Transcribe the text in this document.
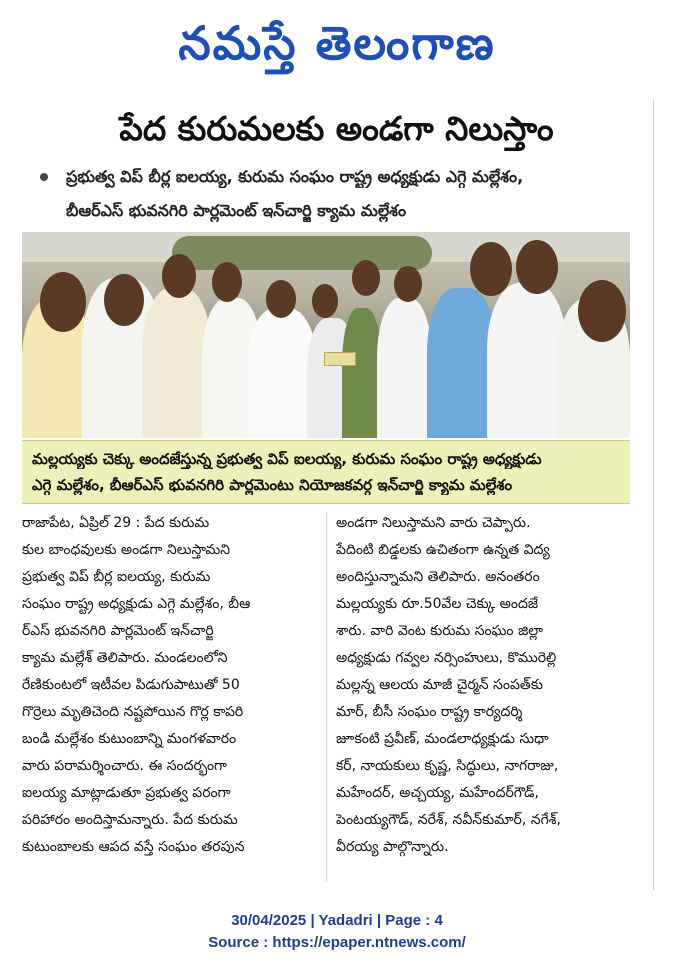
నమస్తే తెలంగాణ
పేద కురుమలకు అండగా నిలుస్తాం
ప్రభుత్వ విప్ బీర్ల ఐలయ్య, కురుమ సంఘం రాష్ట్ర అధ్యక్షుడు ఎగ్గె మల్లేశం,
బీఆర్ఎస్ భువనగిరి పార్లమెంట్ ఇన్‌చార్జి క్యామ మల్లేశం
మల్లయ్యకు చెక్కు అందజేస్తున్న ప్రభుత్వ విప్ ఐలయ్య, కురుమ సంఘం రాష్ట్ర అధ్యక్షుడు
ఎగ్గె మల్లేశం, బీఆర్ఎస్ భువనగిరి పార్లమెంటు నియోజకవర్గ ఇన్‌చార్జి క్యామ మల్లేశం
రాజాపేట, ఏప్రిల్ 29 : పేద కురుమ
కుల బాంధవులకు అండగా నిలుస్తామని
ప్రభుత్వ విప్ బీర్ల ఐలయ్య, కురుమ
సంఘం రాష్ట్ర అధ్యక్షుడు ఎగ్గె మల్లేశం, బీఆ
ర్ఎస్ భువనగిరి పార్లమెంట్ ఇన్‌చార్జి
క్యామ మల్లేశ్ తెలిపారు. మండలంలోని
రేణికుంటలో ఇటీవల పిడుగుపాటుతో 50
గొర్రెలు మృతిచెంది నష్టపోయిన గొర్ల కాపరి
బండి మల్లేశం కుటుంబాన్ని మంగళవారం
వారు పరామర్శించారు. ఈ సందర్భంగా
ఐలయ్య మాట్లాడుతూ ప్రభుత్వ పరంగా
పరిహారం అందిస్తామన్నారు. పేద కురుమ
కుటుంబాలకు ఆపద వస్తే సంఘం తరపున
అండగా నిలుస్తామని వారు చెప్పారు.
పేదింటి బిడ్డలకు ఉచితంగా ఉన్నత విద్య
అందిస్తున్నామని తెలిపారు. అనంతరం
మల్లయ్యకు రూ.50వేల చెక్కు అందజే
శారు. వారి వెంట కురుమ సంఘం జిల్లా
అధ్యక్షుడు గవ్వల నర్సింహులు, కొమురెల్లి
మల్లన్న ఆలయ మాజీ చైర్మన్ సంపత్‌కు
మార్, బీసీ సంఘం రాష్ట్ర కార్యదర్శి
జూకంటి ప్రవీణ్, మండలాధ్యక్షుడు సుధా
కర్, నాయకులు కృష్ణ, సిద్ధులు, నాగరాజు,
మహేందర్, అచ్చయ్య, మహేందర్‌గౌడ్,
పెంటయ్యగౌడ్, నరేశ్, నవీన్‌కుమార్, నగేశ్,
వీరయ్య పాల్గొన్నారు.
30/04/2025 | Yadadri | Page : 4
Source : https://epaper.ntnews.com/
